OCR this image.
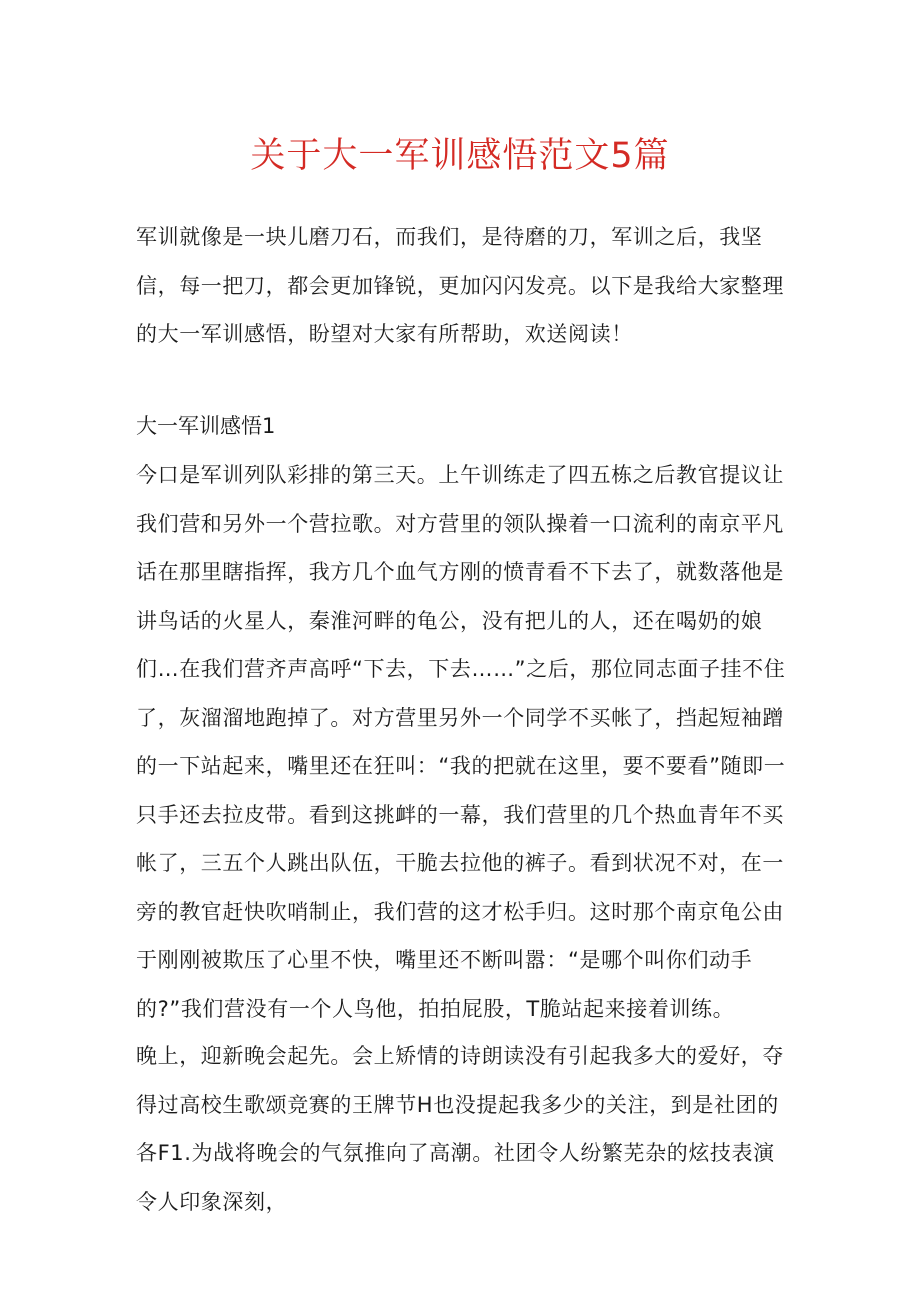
关于大一军训感悟范文5篇

军训就像是一块儿磨刀石，而我们，是待磨的刀，军训之后，我坚信，每一把刀，都会更加锋锐，更加闪闪发亮。以下是我给大家整理的大一军训感悟，盼望对大家有所帮助，欢送阅读！

大一军训感悟1

今口是军训列队彩排的第三天。上午训练走了四五栋之后教官提议让我们营和另外一个营拉歌。对方营里的领队操着一口流利的南京平凡话在那里瞎指挥，我方几个血气方刚的愤青看不下去了，就数落他是讲鸟话的火星人，秦淮河畔的龟公，没有把儿的人，还在喝奶的娘们…在我们营齐声高呼“下去，下去……”之后，那位同志面子挂不住了，灰溜溜地跑掉了。对方营里另外一个同学不买帐了，挡起短袖蹭的一下站起来，嘴里还在狂叫：“我的把就在这里，要不要看”随即一只手还去拉皮带。看到这挑衅的一幕，我们营里的几个热血青年不买帐了，三五个人跳出队伍，干脆去拉他的裤子。看到状况不对，在一旁的教官赶快吹哨制止，我们营的这才松手归。这时那个南京龟公由于刚刚被欺压了心里不快，嘴里还不断叫嚣：“是哪个叫你们动手的?”我们营没有一个人鸟他，拍拍屁股，T脆站起来接着训练。

晚上，迎新晚会起先。会上矫情的诗朗读没有引起我多大的爱好，夺得过高校生歌颂竞赛的王牌节H也没提起我多少的关注，到是社团的各F1.为战将晚会的气氛推向了高潮。社团令人纷繁芜杂的炫技表演令人印象深刻，
